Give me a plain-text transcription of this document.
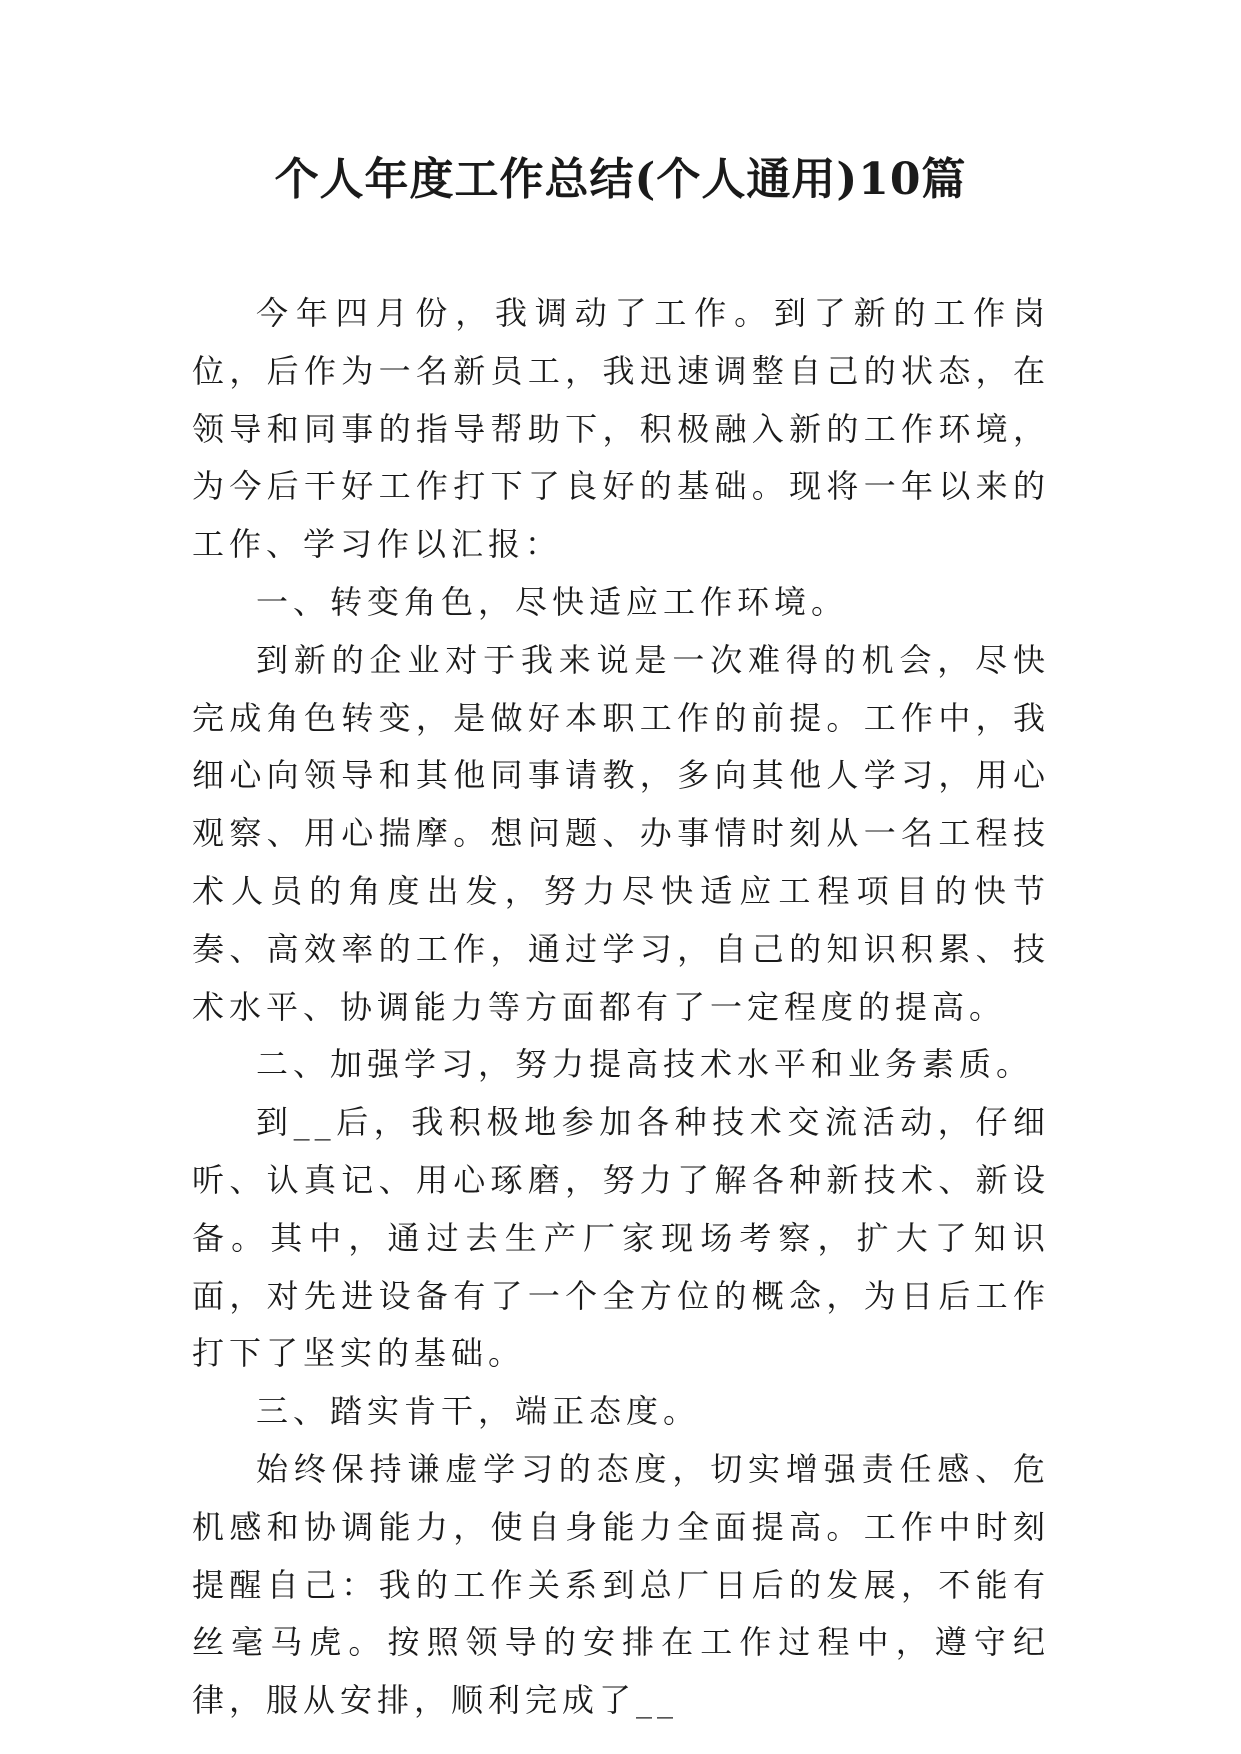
个人年度工作总结(个人通用)10篇

今年四月份，我调动了工作。到了新的工作岗位，后作为一名新员工，我迅速调整自己的状态，在领导和同事的指导帮助下，积极融入新的工作环境，为今后干好工作打下了良好的基础。现将一年以来的工作、学习作以汇报：

一、转变角色，尽快适应工作环境。

到新的企业对于我来说是一次难得的机会，尽快完成角色转变，是做好本职工作的前提。工作中，我细心向领导和其他同事请教，多向其他人学习，用心观察、用心揣摩。想问题、办事情时刻从一名工程技术人员的角度出发，努力尽快适应工程项目的快节奏、高效率的工作，通过学习，自己的知识积累、技术水平、协调能力等方面都有了一定程度的提高。

二、加强学习，努力提高技术水平和业务素质。

到__后，我积极地参加各种技术交流活动，仔细听、认真记、用心琢磨，努力了解各种新技术、新设备。其中，通过去生产厂家现场考察，扩大了知识面，对先进设备有了一个全方位的概念，为日后工作打下了坚实的基础。

三、踏实肯干，端正态度。

始终保持谦虚学习的态度，切实增强责任感、危机感和协调能力，使自身能力全面提高。工作中时刻提醒自己：我的工作关系到总厂日后的发展，不能有丝毫马虎。按照领导的安排在工作过程中，遵守纪律，服从安排，顺利完成了__
